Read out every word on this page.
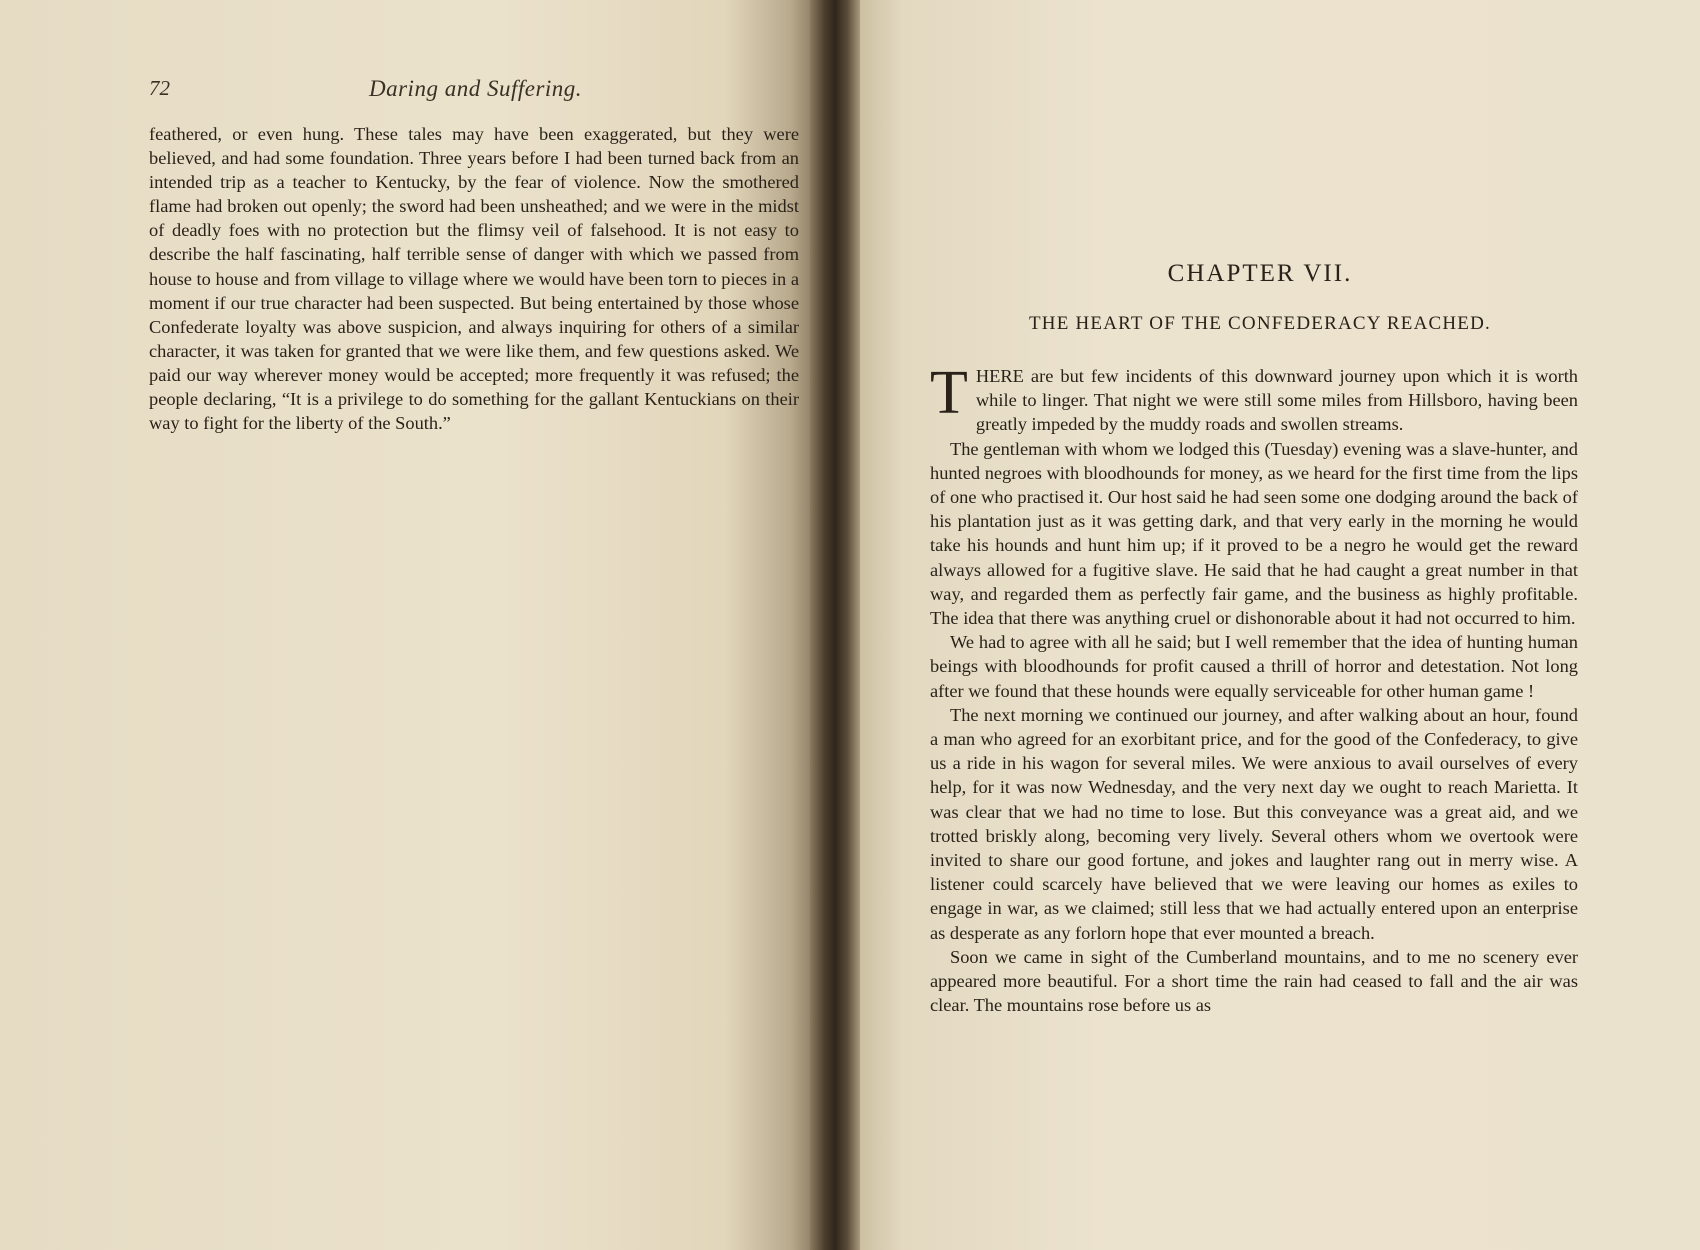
72	Daring and Suffering.
feathered, or even hung. These tales may have been exaggerated, but they were believed, and had some foundation. Three years before I had been turned back from an intended trip as a teacher to Kentucky, by the fear of violence. Now the smothered flame had broken out openly; the sword had been unsheathed; and we were in the midst of deadly foes with no protection but the flimsy veil of falsehood. It is not easy to describe the half fascinating, half terrible sense of danger with which we passed from house to house and from village to village where we would have been torn to pieces in a moment if our true character had been suspected. But being entertained by those whose Confederate loyalty was above suspicion, and always inquiring for others of a similar character, it was taken for granted that we were like them, and few questions asked. We paid our way wherever money would be accepted; more frequently it was refused; the people declaring, “It is a privilege to do something for the gallant Kentuckians on their way to fight for the liberty of the South.”
CHAPTER VII.
THE HEART OF THE CONFEDERACY REACHED.

THERE are but few incidents of this downward journey upon which it is worth while to linger. That night we were still some miles from Hillsboro, having been greatly impeded by the muddy roads and swollen streams.

The gentleman with whom we lodged this (Tuesday) evening was a slave-hunter, and hunted negroes with bloodhounds for money, as we heard for the first time from the lips of one who practised it. Our host said he had seen some one dodging around the back of his plantation just as it was getting dark, and that very early in the morning he would take his hounds and hunt him up; if it proved to be a negro he would get the reward always allowed for a fugitive slave. He said that he had caught a great number in that way, and regarded them as perfectly fair game, and the business as highly profitable. The idea that there was anything cruel or dishonorable about it had not occurred to him.

We had to agree with all he said; but I well remember that the idea of hunting human beings with bloodhounds for profit caused a thrill of horror and detestation. Not long after we found that these hounds were equally serviceable for other human game !

The next morning we continued our journey, and after walking about an hour, found a man who agreed for an exorbitant price, and for the good of the Confederacy, to give us a ride in his wagon for several miles. We were anxious to avail ourselves of every help, for it was now Wednesday, and the very next day we ought to reach Marietta. It was clear that we had no time to lose. But this conveyance was a great aid, and we trotted briskly along, becoming very lively. Several others whom we overtook were invited to share our good fortune, and jokes and laughter rang out in merry wise. A listener could scarcely have believed that we were leaving our homes as exiles to engage in war, as we claimed; still less that we had actually entered upon an enterprise as desperate as any forlorn hope that ever mounted a breach.

Soon we came in sight of the Cumberland mountains, and to me no scenery ever appeared more beautiful. For a short time the rain had ceased to fall and the air was clear. The mountains rose before us as
